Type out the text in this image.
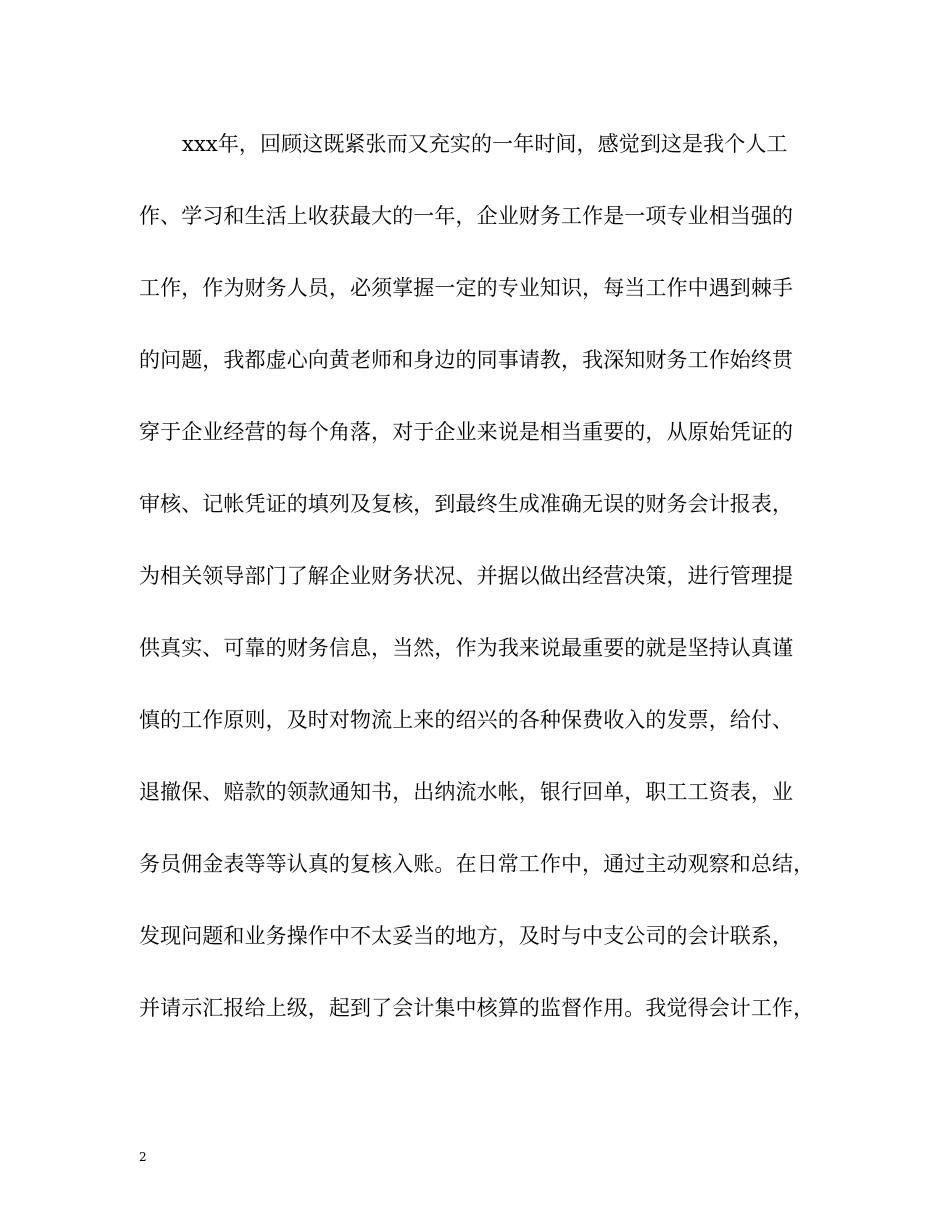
xxx年，回顾这既紧张而又充实的一年时间，感觉到这是我个人工
作、学习和生活上收获最大的一年，企业财务工作是一项专业相当强的
工作，作为财务人员，必须掌握一定的专业知识，每当工作中遇到棘手
的问题，我都虚心向黄老师和身边的同事请教，我深知财务工作始终贯
穿于企业经营的每个角落，对于企业来说是相当重要的，从原始凭证的
审核、记帐凭证的填列及复核，到最终生成准确无误的财务会计报表，
为相关领导部门了解企业财务状况、并据以做出经营决策，进行管理提
供真实、可靠的财务信息，当然，作为我来说最重要的就是坚持认真谨
慎的工作原则，及时对物流上来的绍兴的各种保费收入的发票，给付、
退撤保、赔款的领款通知书，出纳流水帐，银行回单，职工工资表，业
务员佣金表等等认真的复核入账。在日常工作中，通过主动观察和总结，
发现问题和业务操作中不太妥当的地方，及时与中支公司的会计联系，
并请示汇报给上级，起到了会计集中核算的监督作用。我觉得会计工作，
2
